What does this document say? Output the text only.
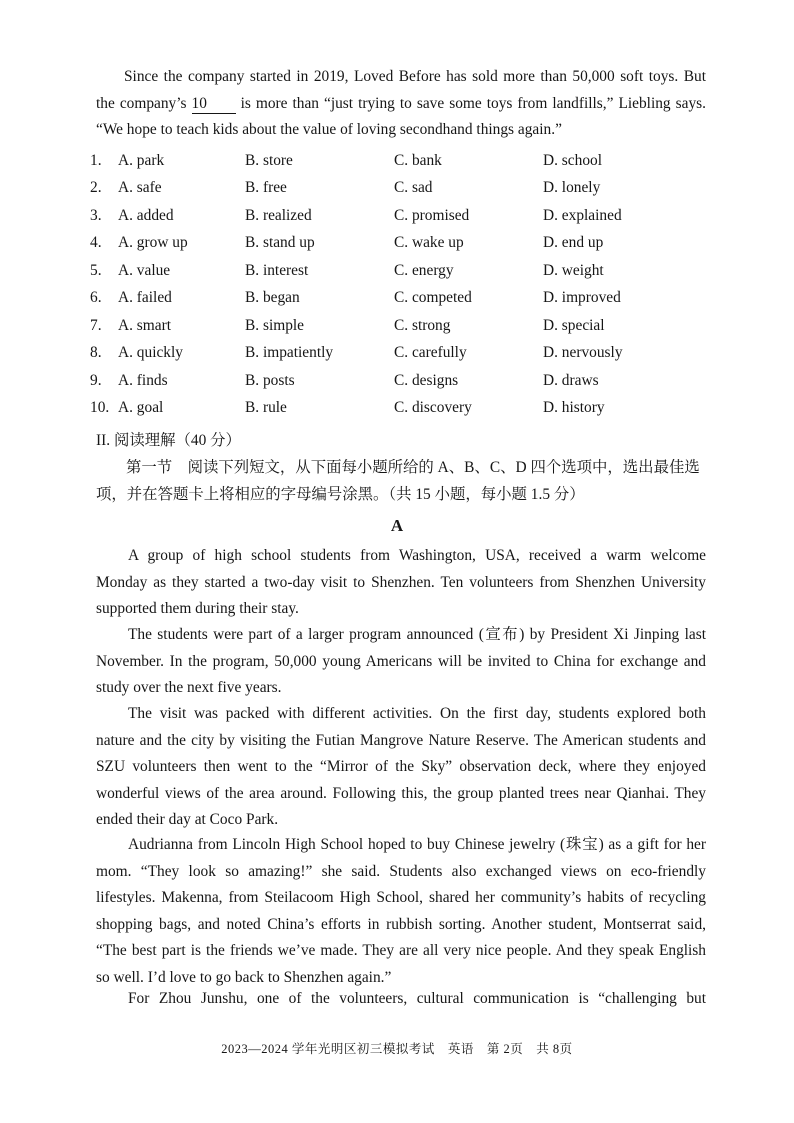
Since the company started in 2019, Loved Before has sold more than 50,000 soft toys. But
the company’s 10 is more than “just trying to save some toys from landfills,” Liebling says.
“We hope to teach kids about the value of loving secondhand things again.”
1.	A. park	B. store	C. bank	D. school
2.	A. safe	B. free	C. sad	D. lonely
3.	A. added	B. realized	C. promised	D. explained
4.	A. grow up	B. stand up	C. wake up	D. end up
5.	A. value	B. interest	C. energy	D. weight
6.	A. failed	B. began	C. competed	D. improved
7.	A. smart	B. simple	C. strong	D. special
8.	A. quickly	B. impatiently	C. carefully	D. nervously
9.	A. finds	B. posts	C. designs	D. draws
10.	A. goal	B. rule	C. discovery	D. history
II. 阅读理解（40 分）
第一节　阅读下列短文，从下面每小题所给的 A、B、C、D 四个选项中，选出最佳选
项，并在答题卡上将相应的字母编号涂黑。（共 15 小题，每小题 1.5 分）
A
A group of high school students from Washington, USA, received a warm welcome
Monday as they started a two-day visit to Shenzhen. Ten volunteers from Shenzhen University
supported them during their stay.
The students were part of a larger program announced (宣布) by President Xi Jinping last
November. In the program, 50,000 young Americans will be invited to China for exchange and
study over the next five years.
The visit was packed with different activities. On the first day, students explored both
nature and the city by visiting the Futian Mangrove Nature Reserve. The American students and
SZU volunteers then went to the “Mirror of the Sky” observation deck, where they enjoyed
wonderful views of the area around. Following this, the group planted trees near Qianhai. They
ended their day at Coco Park.
Audrianna from Lincoln High School hoped to buy Chinese jewelry (珠宝) as a gift for her
mom. “They look so amazing!” she said. Students also exchanged views on eco-friendly
lifestyles. Makenna, from Steilacoom High School, shared her community’s habits of recycling
shopping bags, and noted China’s efforts in rubbish sorting. Another student, Montserrat said,
“The best part is the friends we’ve made. They are all very nice people. And they speak English
so well. I’d love to go back to Shenzhen again.”
For Zhou Junshu, one of the volunteers, cultural communication is “challenging but
2023—2024 学年光明区初三模拟考试　英语　第 2页　共 8页
